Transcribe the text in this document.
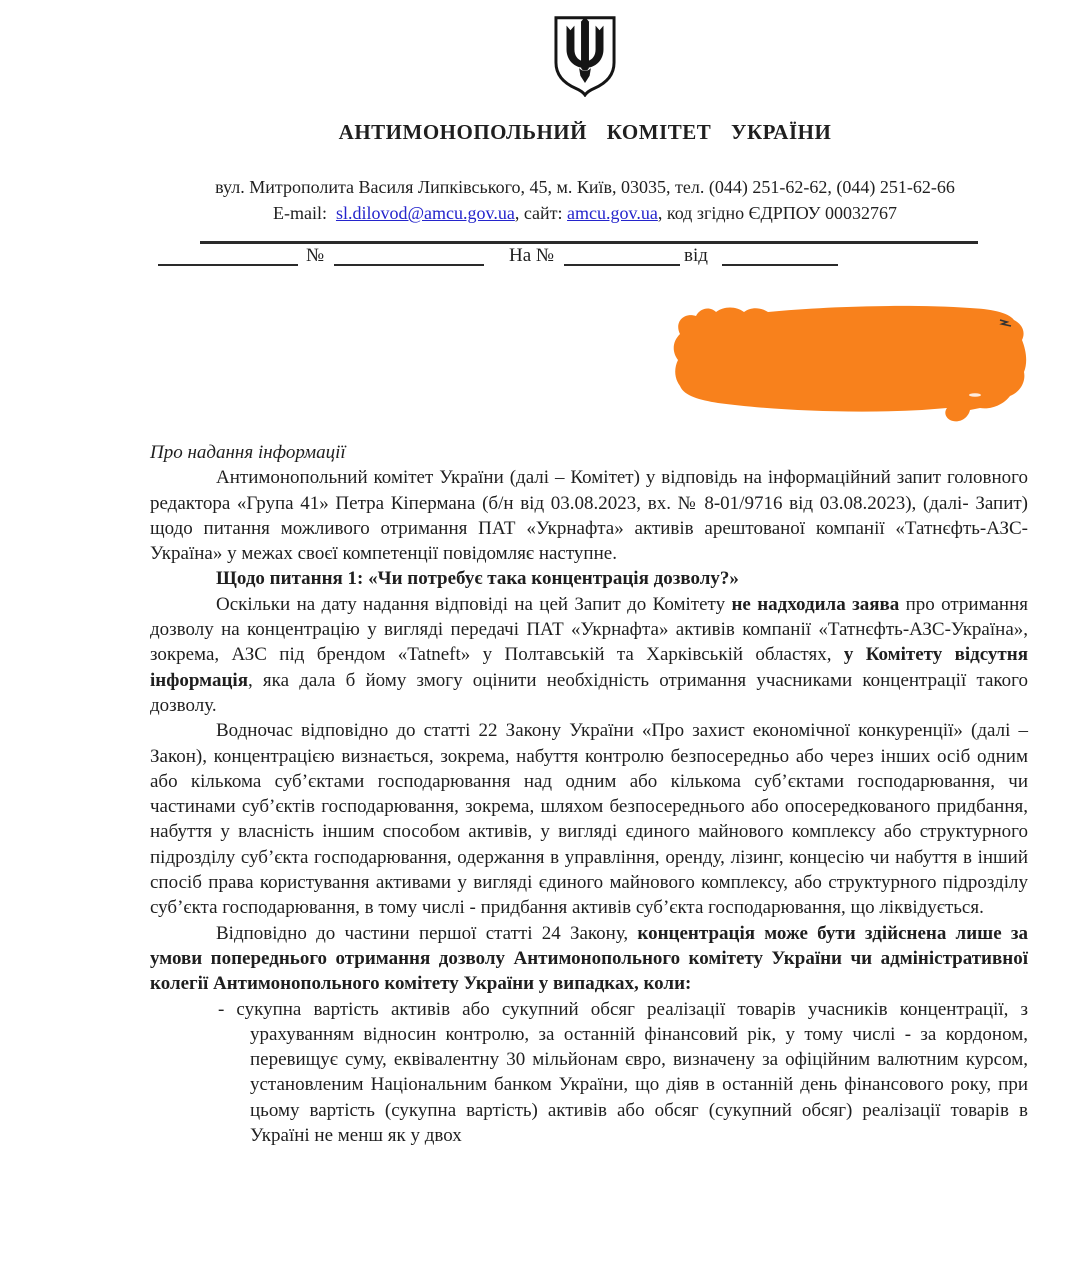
АНТИМОНОПОЛЬНИЙ КОМІТЕТ УКРАЇНИ
вул. Митрополита Василя Липківського, 45, м. Київ, 03035, тел. (044) 251-62-62, (044) 251-62-66
E-mail: sl.dilovod@amcu.gov.ua, сайт: amcu.gov.ua, код згідно ЄДРПОУ 00032767
№	На №	від

Про надання інформації

Антимонопольний комітет України (далі – Комітет) у відповідь на інформаційний запит головного редактора «Група 41» Петра Кіпермана (б/н від 03.08.2023, вх. № 8-01/9716 від 03.08.2023), (далі- Запит) щодо питання можливого отримання ПАТ «Укрнафта» активів арештованої компанії «Татнєфть-АЗС-Україна» у межах своєї компетенції повідомляє наступне.

Щодо питання 1: «Чи потребує така концентрація дозволу?»

Оскільки на дату надання відповіді на цей Запит до Комітету не надходила заява про отримання дозволу на концентрацію у вигляді передачі ПАТ «Укрнафта» активів компанії «Татнєфть-АЗС-Україна», зокрема, АЗС під брендом «Tatneft» у Полтавській та Харківській областях, у Комітету відсутня інформація, яка дала б йому змогу оцінити необхідність отримання учасниками концентрації такого дозволу.

Водночас відповідно до статті 22 Закону України «Про захист економічної конкуренції» (далі – Закон), концентрацією визнається, зокрема, набуття контролю безпосередньо або через інших осіб одним або кількома суб’єктами господарювання над одним або кількома суб’єктами господарювання, чи частинами суб’єктів господарювання, зокрема, шляхом безпосереднього або опосередкованого придбання, набуття у власність іншим способом активів, у вигляді єдиного майнового комплексу або структурного підрозділу суб’єкта господарювання, одержання в управління, оренду, лізинг, концесію чи набуття в інший спосіб права користування активами у вигляді єдиного майнового комплексу, або структурного підрозділу суб’єкта господарювання, в тому числі - придбання активів суб’єкта господарювання, що ліквідується.

Відповідно до частини першої статті 24 Закону, концентрація може бути здійснена лише за умови попереднього отримання дозволу Антимонопольного комітету України чи адміністративної колегії Антимонопольного комітету України у випадках, коли:

- сукупна вартість активів або сукупний обсяг реалізації товарів учасників концентрації, з урахуванням відносин контролю, за останній фінансовий рік, у тому числі - за кордоном, перевищує суму, еквівалентну 30 мільйонам євро, визначену за офіційним валютним курсом, установленим Національним банком України, що діяв в останній день фінансового року, при цьому вартість (сукупна вартість) активів або обсяг (сукупний обсяг) реалізації товарів в Україні не менш як у двох
